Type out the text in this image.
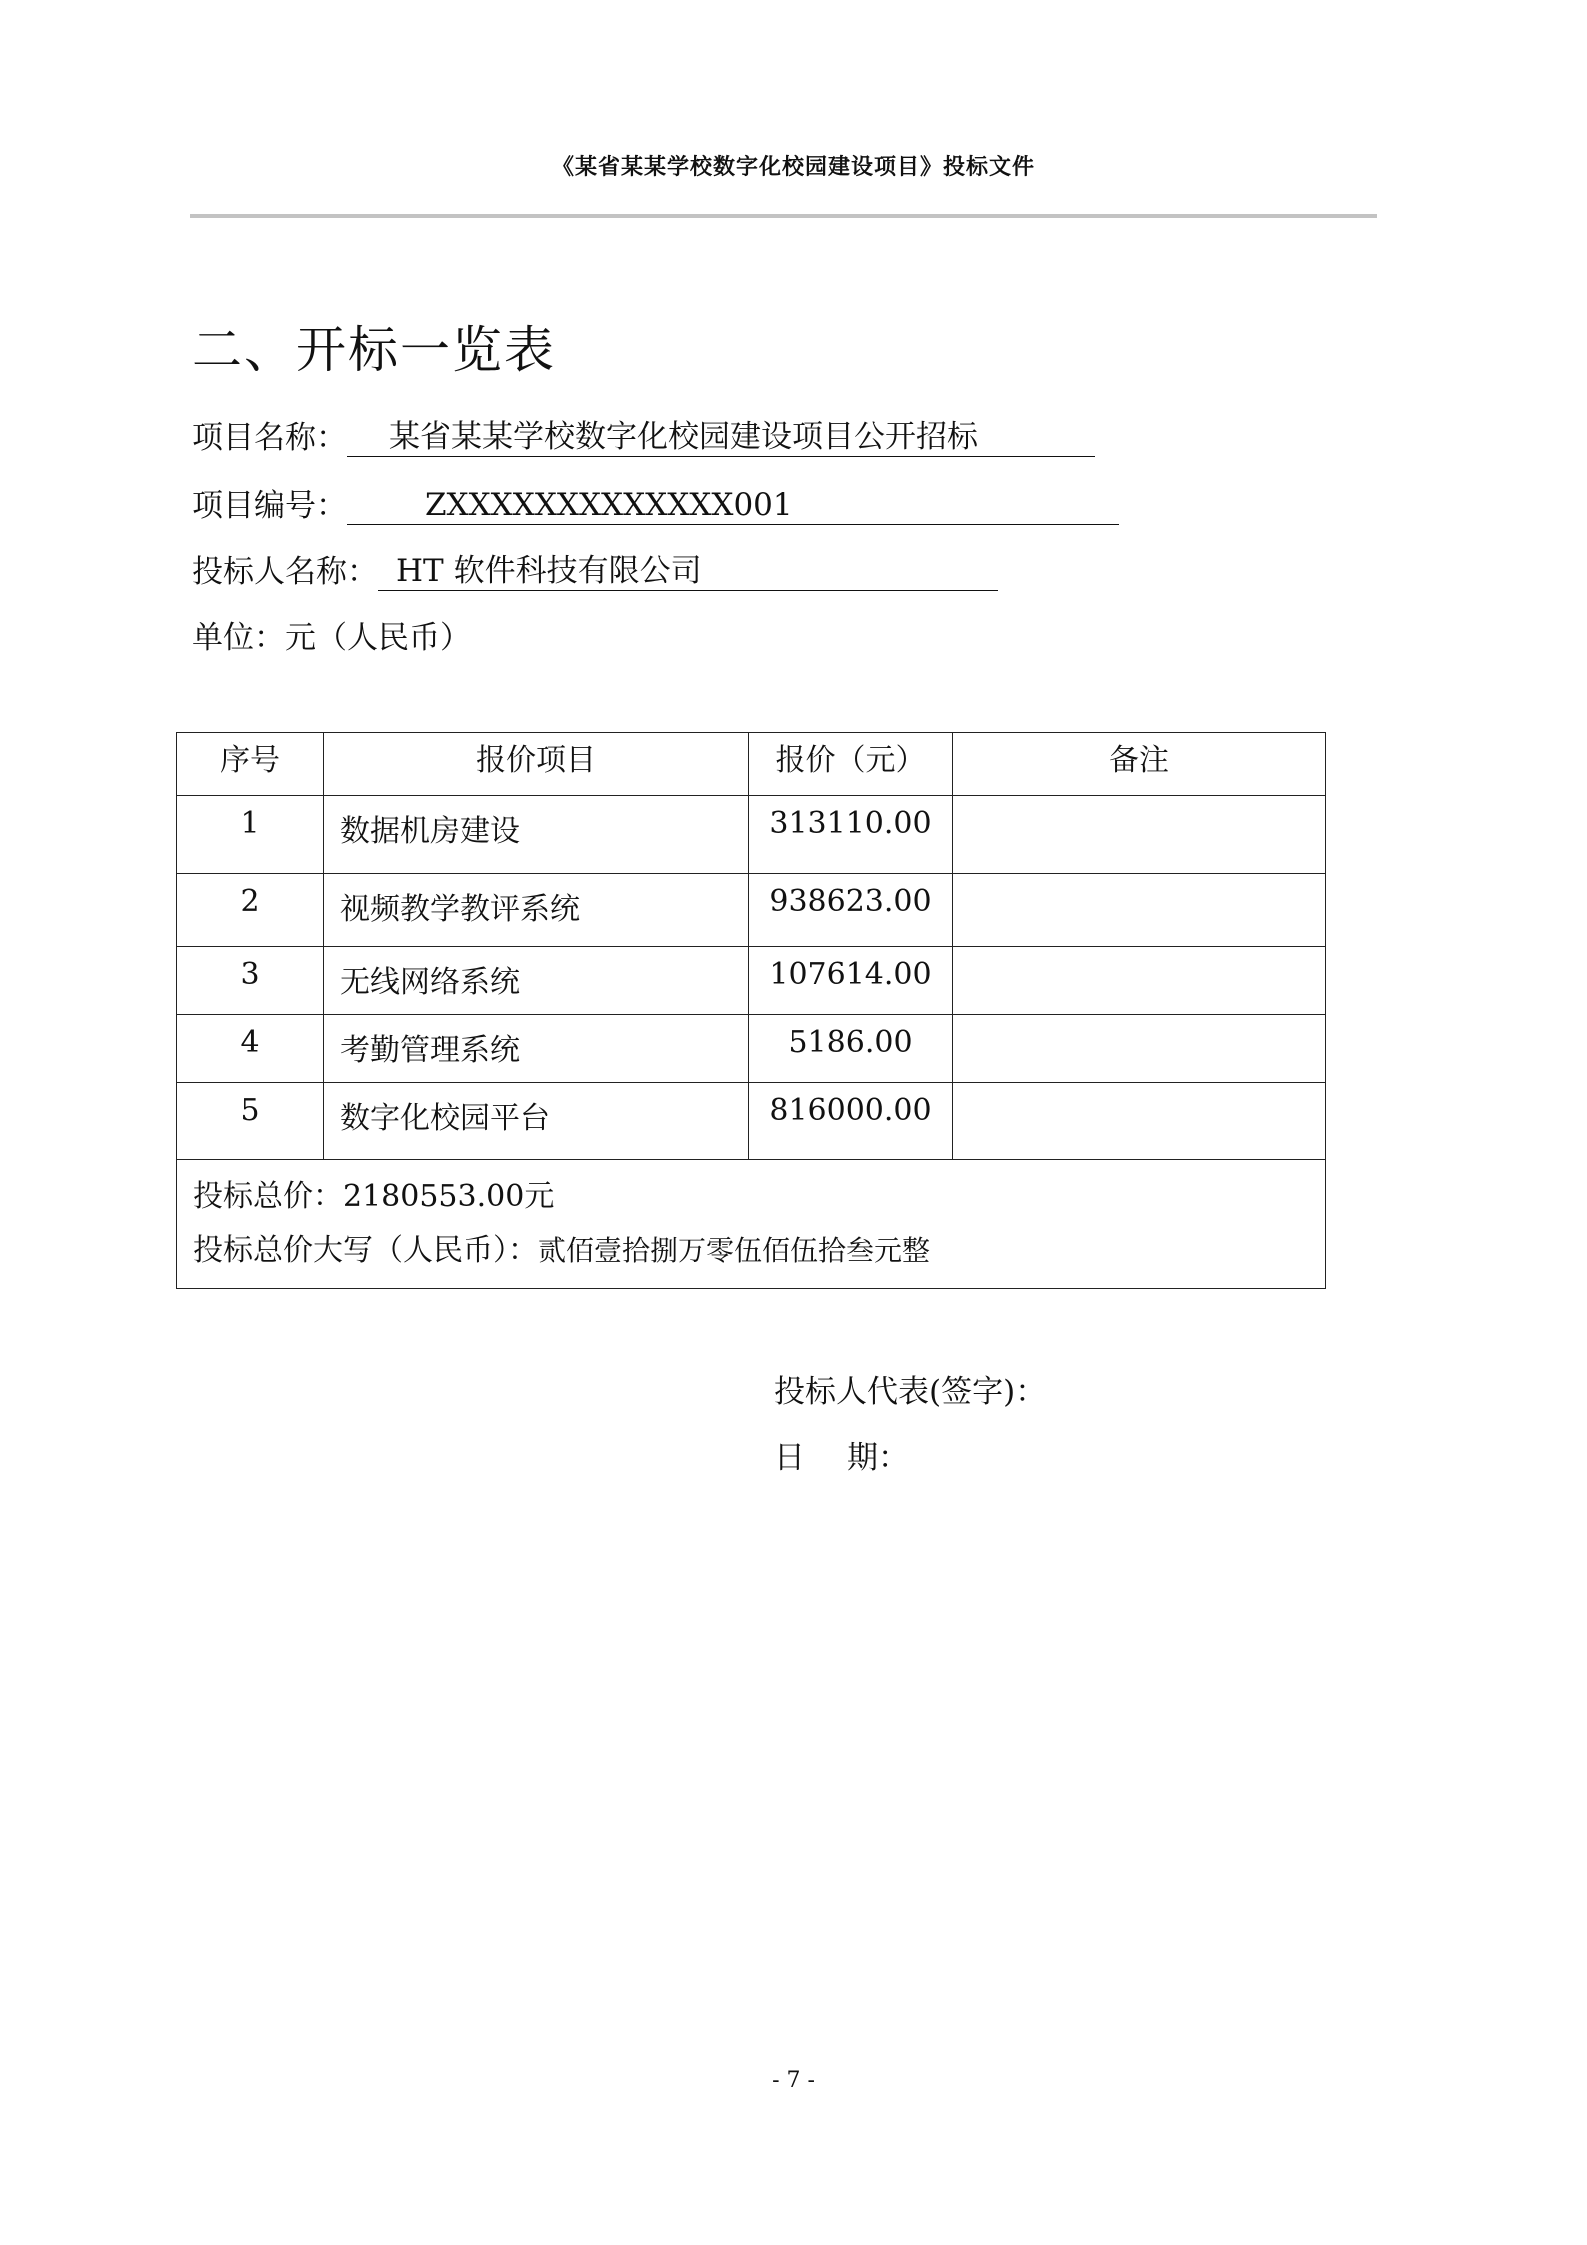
《某省某某学校数字化校园建设项目》投标文件
二、开标一览表
项目名称： 某省某某学校数字化校园建设项目公开招标
项目编号：	ZXXXXXXXXXXXXX001
投标人名称： HT 软件科技有限公司
单位：元（人民币）
序号	报价项目	报价（元）	备注
1	数据机房建设	313110.00	
2	视频教学教评系统	938623.00	
3	无线网络系统	107614.00	
4	考勤管理系统	5186.00	
5	数字化校园平台	816000.00	

投标总价：2180553.00元
投标总价大写（人民币）：贰佰壹拾捌万零伍佰伍拾叁元整			
投标人代表(签字)：
日 期：
- 7 -
